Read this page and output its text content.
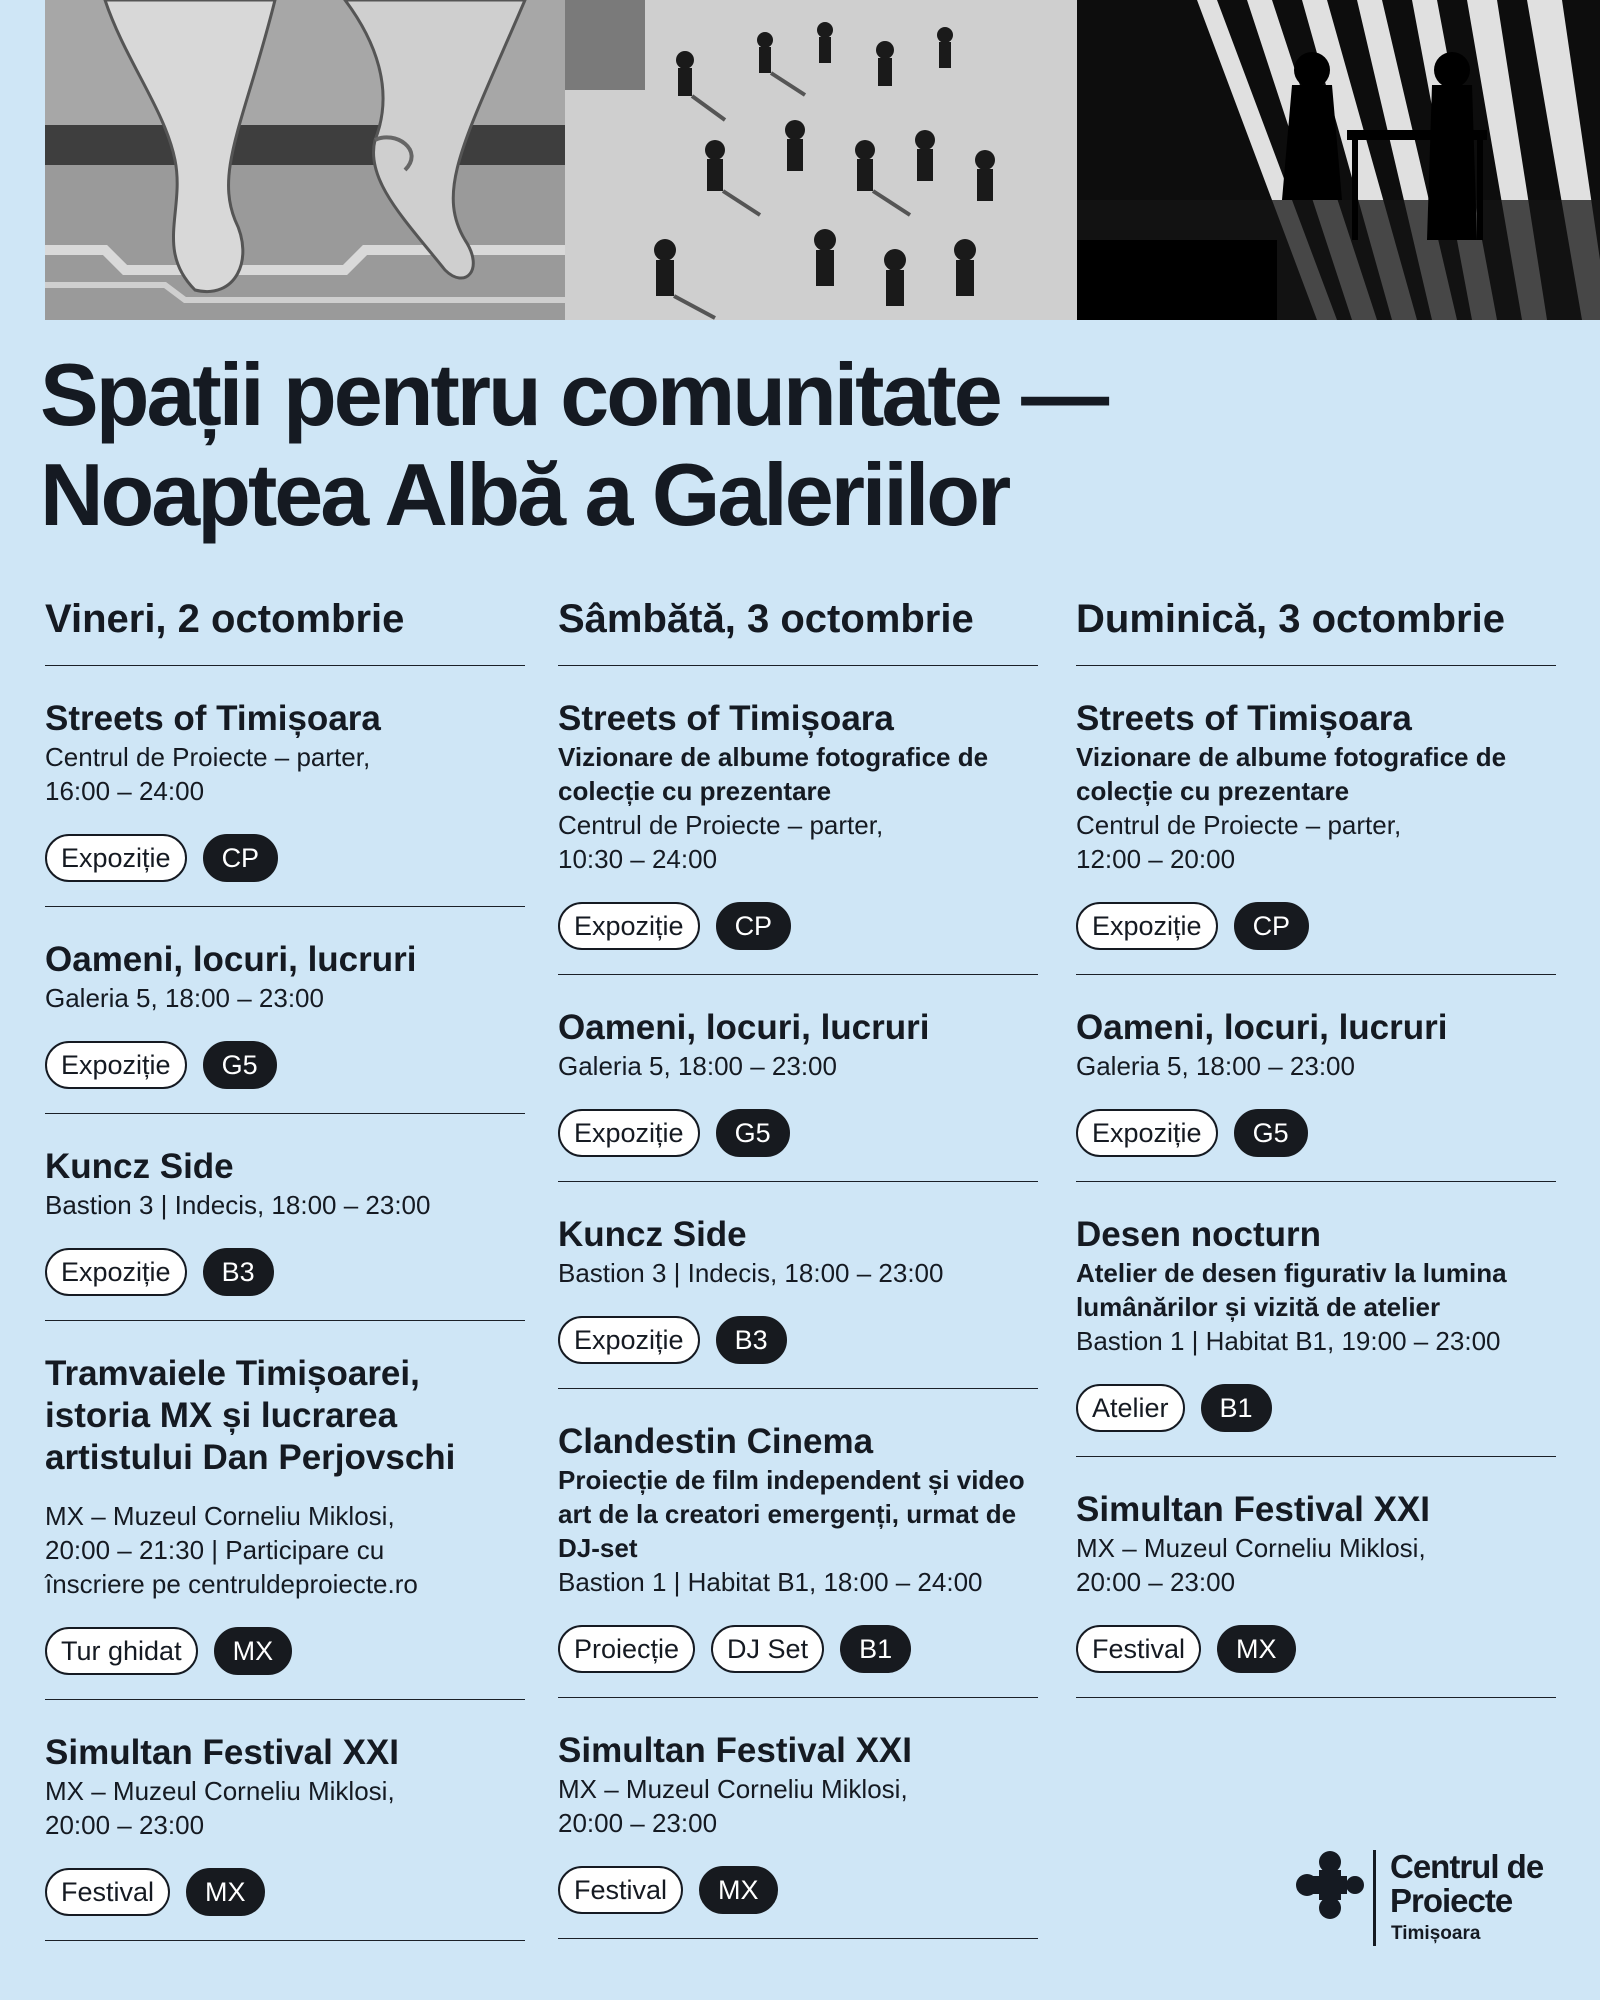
Spații pentru comunitate —
Noaptea Albă a Galeriilor
Vineri, 2 octombrie
Streets of Timișoara
Centrul de Proiecte – parter,
16:00 – 24:00
Expoziție	CP
Oameni, locuri, lucruri
Galeria 5, 18:00 – 23:00
Expoziție	G5
Kuncz Side
Bastion 3 | Indecis, 18:00 – 23:00
Expoziție	B3
Tramvaiele Timișoarei, istoria MX și lucrarea artistului Dan Perjovschi
MX – Muzeul Corneliu Miklosi,
20:00 – 21:30 | Participare cu
înscriere pe centruldeproiecte.ro
Tur ghidat	MX
Simultan Festival XXI
MX – Muzeul Corneliu Miklosi,
20:00 – 23:00
Festival	MX
Sâmbătă, 3 octombrie
Streets of Timișoara
Vizionare de albume fotografice de colecție cu prezentare
Centrul de Proiecte – parter,
10:30 – 24:00
Expoziție	CP
Oameni, locuri, lucruri
Galeria 5, 18:00 – 23:00
Expoziție	G5
Kuncz Side
Bastion 3 | Indecis, 18:00 – 23:00
Expoziție	B3
Clandestin Cinema
Proiecție de film independent și video art de la creatori emergenți, urmat de DJ-set
Bastion 1 | Habitat B1, 18:00 – 24:00
Proiecție	DJ Set	B1
Simultan Festival XXI
MX – Muzeul Corneliu Miklosi,
20:00 – 23:00
Festival	MX
Duminică, 3 octombrie
Streets of Timișoara
Vizionare de albume fotografice de colecție cu prezentare
Centrul de Proiecte – parter,
12:00 – 20:00
Expoziție	CP
Oameni, locuri, lucruri
Galeria 5, 18:00 – 23:00
Expoziție	G5
Desen nocturn
Atelier de desen figurativ la lumina lumânărilor și vizită de atelier
Bastion 1 | Habitat B1, 19:00 – 23:00
Atelier	B1
Simultan Festival XXI
MX – Muzeul Corneliu Miklosi,
20:00 – 23:00
Festival	MX
Centrul de
Proiecte
Timișoara
